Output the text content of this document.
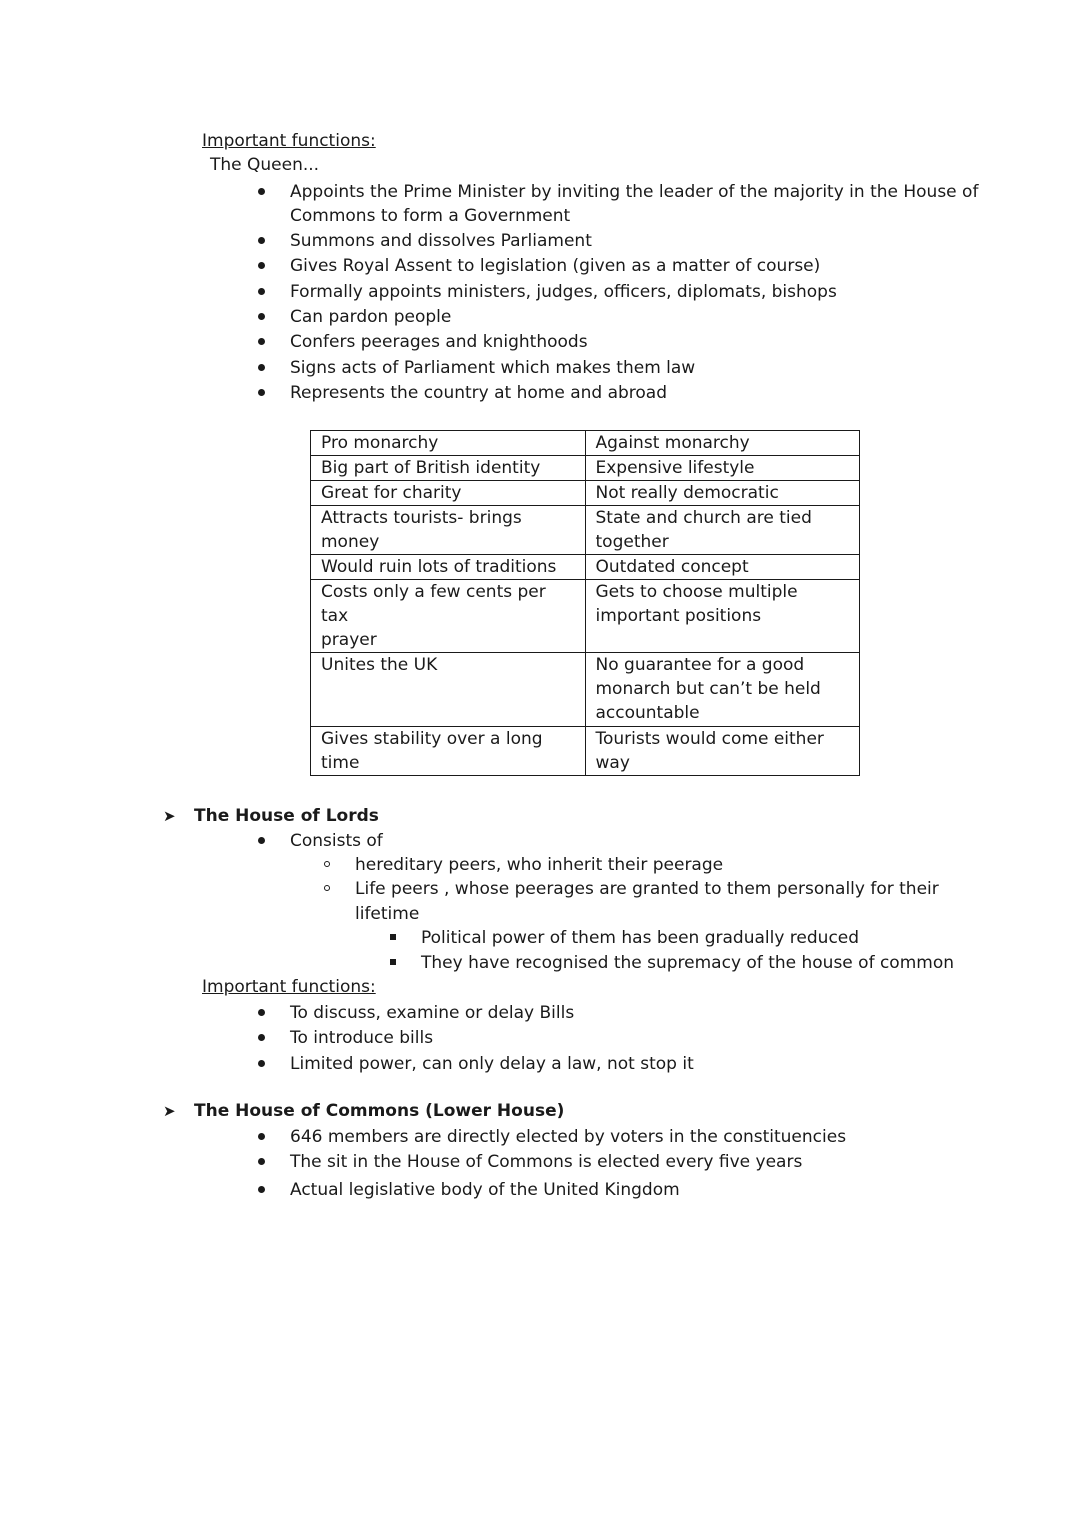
Important functions:
The Queen...
Appoints the Prime Minister by inviting the leader of the majority in the House of
Commons to form a Government
Summons and dissolves Parliament
Gives Royal Assent to legislation (given as a matter of course)
Formally appoints ministers, judges, officers, diplomats, bishops
Can pardon people
Confers peerages and knighthoods
Signs acts of Parliament which makes them law
Represents the country at home and abroad
Pro monarchy	Against monarchy
Big part of British identity	Expensive lifestyle
Great for charity	Not really democratic
Attracts tourists- brings money	State and church are tied
together
Would ruin lots of traditions	Outdated concept
Costs only a few cents per tax
prayer	Gets to choose multiple
important positions
Unites the UK	No guarantee for a good
monarch but can’t be held
accountable
Gives stability over a long time	Tourists would come either
way
➤ The House of Lords
Consists of
hereditary peers, who inherit their peerage
Life peers , whose peerages are granted to them personally for their
lifetime
Political power of them has been gradually reduced
They have recognised the supremacy of the house of common
Important functions:
To discuss, examine or delay Bills
To introduce bills
Limited power, can only delay a law, not stop it
➤ The House of Commons (Lower House)
646 members are directly elected by voters in the constituencies
The sit in the House of Commons is elected every five years
Actual legislative body of the United Kingdom
